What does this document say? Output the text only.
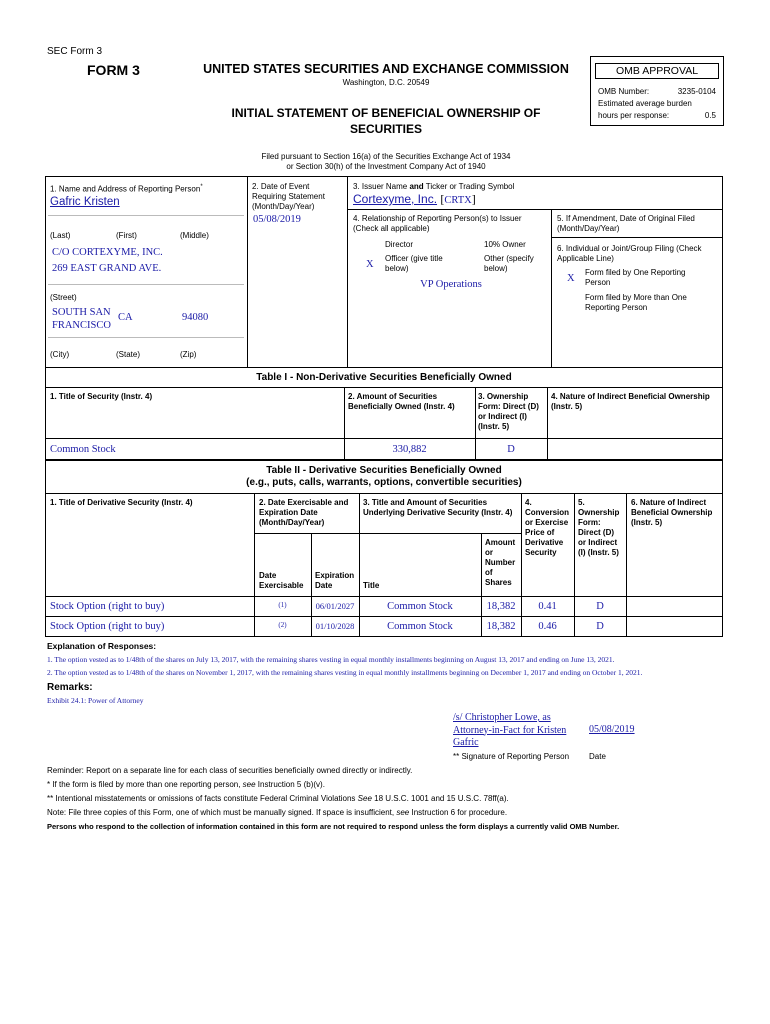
SEC Form 3
FORM 3	UNITED STATES SECURITIES AND EXCHANGE COMMISSION
Washington, D.C. 20549
INITIAL STATEMENT OF BENEFICIAL OWNERSHIP OF
SECURITIES
OMB APPROVAL
OMB Number:	3235-0104
Estimated average burden
hours per response:	0.5
Filed pursuant to Section 16(a) of the Securities Exchange Act of 1934
or Section 30(h) of the Investment Company Act of 1940
1. Name and Address of Reporting Person*
Gafric Kristen
(Last)	(First)	(Middle)
C/O CORTEXYME, INC.
269 EAST GRAND AVE.
(Street)
SOUTH SAN FRANCISCO
CA	94080
(City)	(State)	(Zip)
2. Date of Event Requiring Statement (Month/Day/Year)
05/08/2019
3. Issuer Name and Ticker or Trading Symbol
Cortexyme, Inc. [CRTX]
4. Relationship of Reporting Person(s) to Issuer (Check all applicable)
Director	10% Owner
X
Officer (give title below)
Other (specify below)
VP Operations
5. If Amendment, Date of Original Filed (Month/Day/Year)
6. Individual or Joint/Group Filing (Check Applicable Line)
X
Form filed by One Reporting Person
Form filed by More than One Reporting Person
Table I - Non-Derivative Securities Beneficially Owned
1. Title of Security (Instr. 4)	2. Amount of Securities Beneficially Owned (Instr. 4)
3. Ownership Form: Direct (D) or Indirect (I) (Instr. 5)
4. Nature of Indirect Beneficial Ownership (Instr. 5)
Common Stock	330,882	D
Table II - Derivative Securities Beneficially Owned
(e.g., puts, calls, warrants, options, convertible securities)
1. Title of Derivative Security (Instr. 4)	2. Date Exercisable and Expiration Date (Month/Day/Year)
Date Exercisable
Expiration Date
3. Title and Amount of Securities Underlying Derivative Security (Instr. 4)
Title
Amount or Number of Shares
4. Conversion or Exercise Price of Derivative Security
5. Ownership Form: Direct (D) or Indirect (I) (Instr. 5)
6. Nature of Indirect Beneficial Ownership (Instr. 5)
Stock Option (right to buy)	(1)	06/01/2027	Common Stock	18,382	0.41	D
Stock Option (right to buy)	(2)	01/10/2028	Common Stock	18,382	0.46	D
Explanation of Responses:
1. The option vested as to 1/48th of the shares on July 13, 2017, with the remaining shares vesting in equal monthly installments beginning on August 13, 2017 and ending on June 13, 2021.
2. The option vested as to 1/48th of the shares on November 1, 2017, with the remaining shares vesting in equal monthly installments beginning on December 1, 2017 and ending on October 1, 2021.
Remarks:
Exhibit 24.1: Power of Attorney
/s/ Christopher Lowe, as Attorney-in-Fact for Kristen Gafric
05/08/2019
** Signature of Reporting Person Date
Reminder: Report on a separate line for each class of securities beneficially owned directly or indirectly.
* If the form is filed by more than one reporting person, see Instruction 5 (b)(v).
** Intentional misstatements or omissions of facts constitute Federal Criminal Violations See 18 U.S.C. 1001 and 15 U.S.C. 78ff(a).
Note: File three copies of this Form, one of which must be manually signed. If space is insufficient, see Instruction 6 for procedure.
Persons who respond to the collection of information contained in this form are not required to respond unless the form displays a currently valid OMB Number.
